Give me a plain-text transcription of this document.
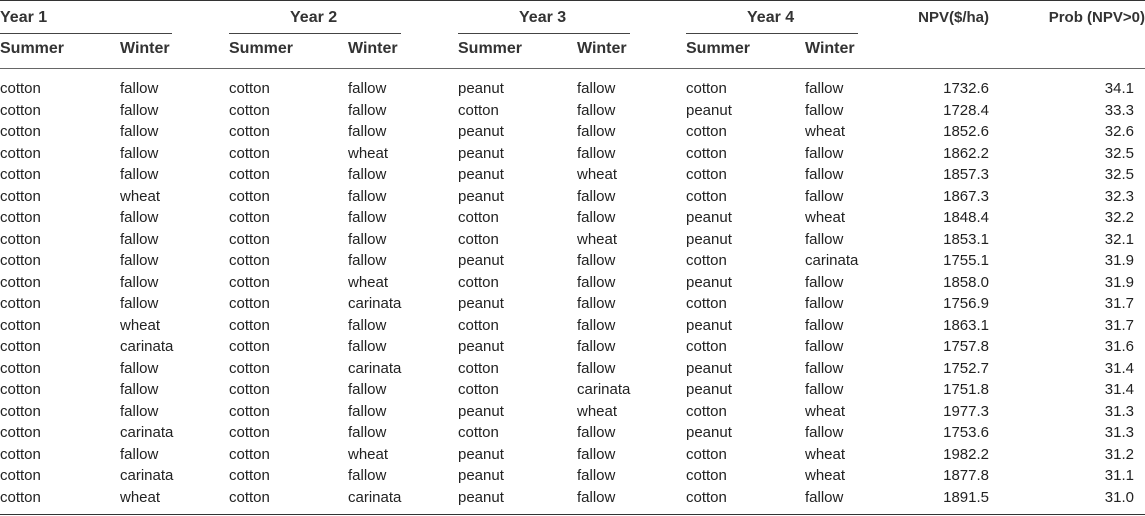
Year 1	Year 2	Year 3	Year 4	NPV($/ha)	Prob (NPV>0)
Summer	Winter	Summer	Winter	Summer	Winter	Summer	Winter
cotton	fallow	cotton	fallow	peanut	fallow	cotton	fallow	1732.6	34.1
cotton	fallow	cotton	fallow	cotton	fallow	peanut	fallow	1728.4	33.3
cotton	fallow	cotton	fallow	peanut	fallow	cotton	wheat	1852.6	32.6
cotton	fallow	cotton	wheat	peanut	fallow	cotton	fallow	1862.2	32.5
cotton	fallow	cotton	fallow	peanut	wheat	cotton	fallow	1857.3	32.5
cotton	wheat	cotton	fallow	peanut	fallow	cotton	fallow	1867.3	32.3
cotton	fallow	cotton	fallow	cotton	fallow	peanut	wheat	1848.4	32.2
cotton	fallow	cotton	fallow	cotton	wheat	peanut	fallow	1853.1	32.1
cotton	fallow	cotton	fallow	peanut	fallow	cotton	carinata	1755.1	31.9
cotton	fallow	cotton	wheat	cotton	fallow	peanut	fallow	1858.0	31.9
cotton	fallow	cotton	carinata	peanut	fallow	cotton	fallow	1756.9	31.7
cotton	wheat	cotton	fallow	cotton	fallow	peanut	fallow	1863.1	31.7
cotton	carinata	cotton	fallow	peanut	fallow	cotton	fallow	1757.8	31.6
cotton	fallow	cotton	carinata	cotton	fallow	peanut	fallow	1752.7	31.4
cotton	fallow	cotton	fallow	cotton	carinata	peanut	fallow	1751.8	31.4
cotton	fallow	cotton	fallow	peanut	wheat	cotton	wheat	1977.3	31.3
cotton	carinata	cotton	fallow	cotton	fallow	peanut	fallow	1753.6	31.3
cotton	fallow	cotton	wheat	peanut	fallow	cotton	wheat	1982.2	31.2
cotton	carinata	cotton	fallow	peanut	fallow	cotton	wheat	1877.8	31.1
cotton	wheat	cotton	carinata	peanut	fallow	cotton	fallow	1891.5	31.0
